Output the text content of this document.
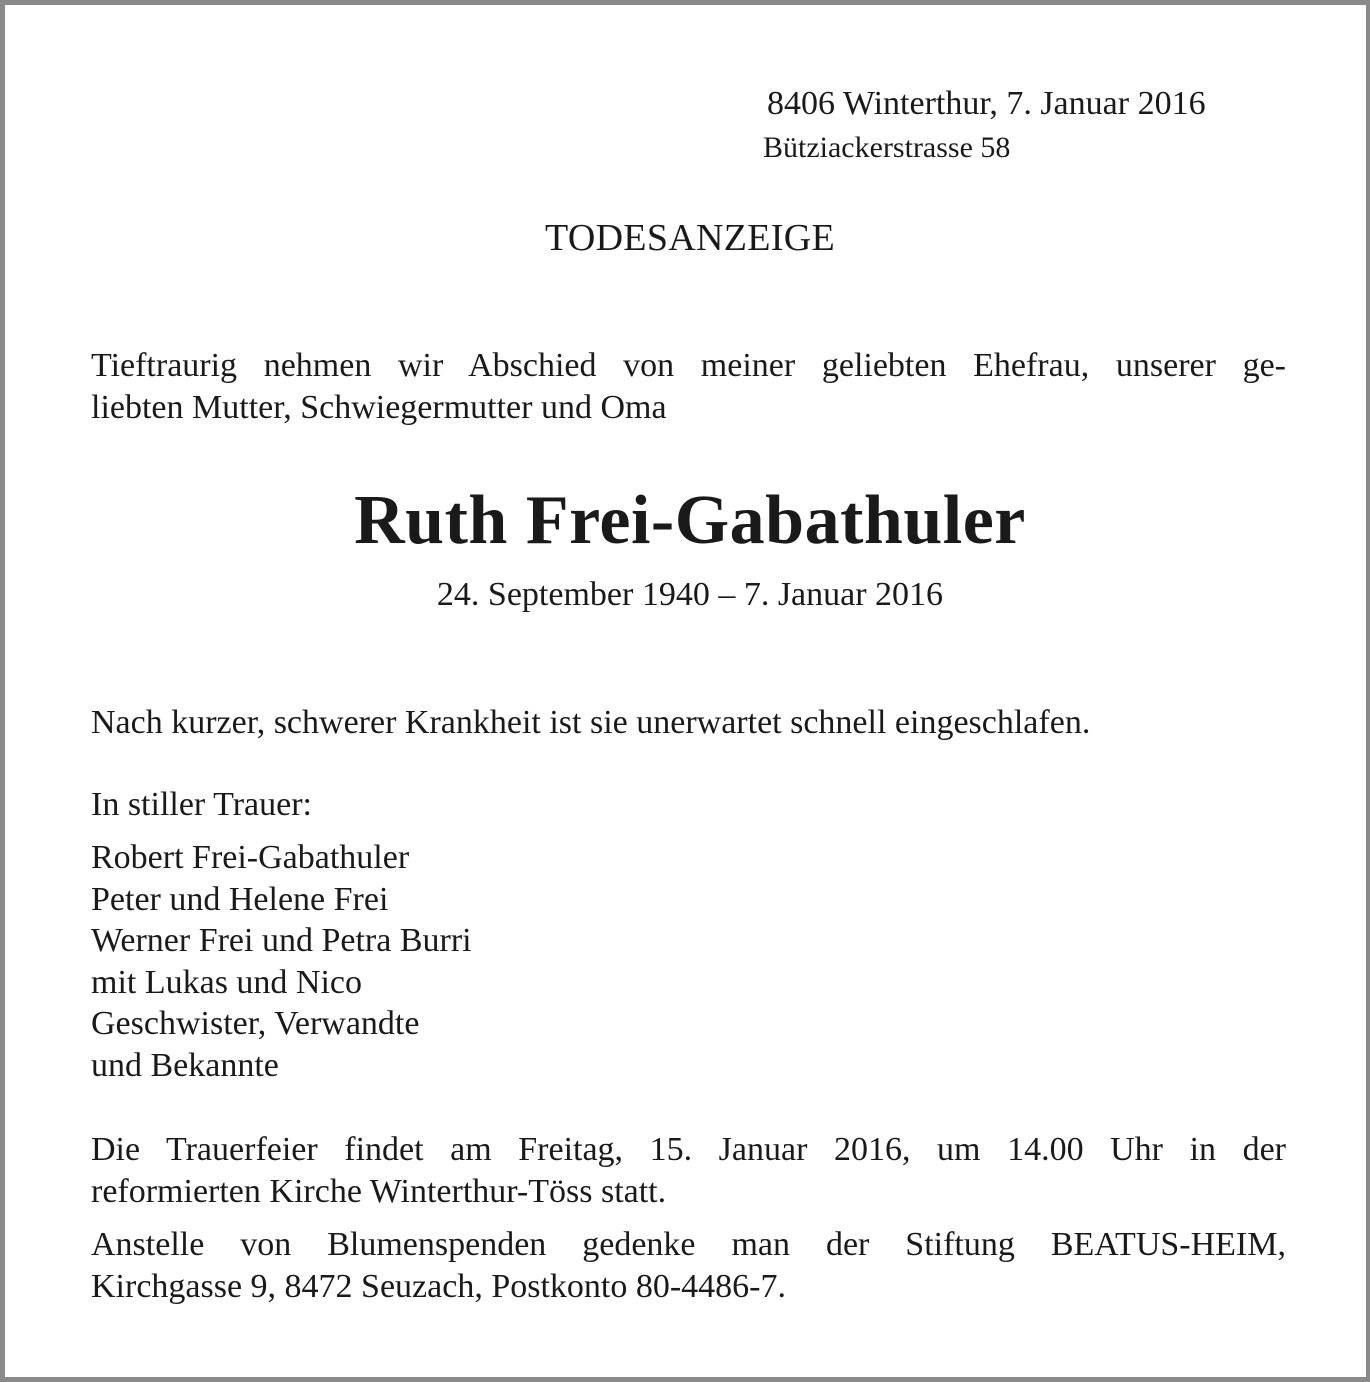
8406 Winterthur, 7. Januar 2016
Bütziackerstrasse 58
TODESANZEIGE
Tieftraurig nehmen wir Abschied von meiner geliebten Ehefrau, unserer ge-
liebten Mutter, Schwiegermutter und Oma
Ruth Frei-Gabathuler
24. September 1940 – 7. Januar 2016
Nach kurzer, schwerer Krankheit ist sie unerwartet schnell eingeschlafen.
In stiller Trauer:
Robert Frei-Gabathuler
Peter und Helene Frei
Werner Frei und Petra Burri
mit Lukas und Nico
Geschwister, Verwandte
und Bekannte
Die Trauerfeier findet am Freitag, 15. Januar 2016, um 14.00 Uhr in der
reformierten Kirche Winterthur-Töss statt.
Anstelle von Blumenspenden gedenke man der Stiftung BEATUS-HEIM,
Kirchgasse 9, 8472 Seuzach, Postkonto 80-4486-7.
